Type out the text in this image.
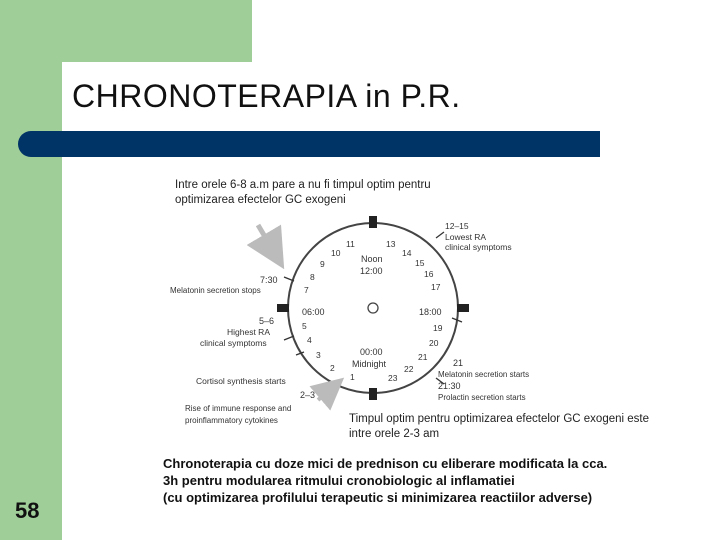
CHRONOTERAPIA in P.R.
Intre orele 6-8 a.m pare a nu fi timpul optim pentru optimizarea efectelor GC exogeni
Noon
12:00
00:00
Midnight
06:00	18:00
11
10
9
8
7
5
4
3
2
1
13
14
15
16
17
19
20
21
22
23
7:30
Melatonin secretion stops
5–6
Highest RA
clinical symptoms
Cortisol synthesis starts
2–3
Rise of immune response and
proinflammatory cytokines
12–15
Lowest RA
clinical symptoms
21
Melatonin secretion starts
21:30
Prolactin secretion starts
Timpul optim pentru optimizarea efectelor GC exogeni este intre orele 2-3 am
Chronoterapia cu doze mici de prednison cu eliberare modificata la cca.
3h pentru modularea ritmului cronobiologic al inflamatiei
(cu optimizarea profilului terapeutic si minimizarea reactiilor adverse)
58
